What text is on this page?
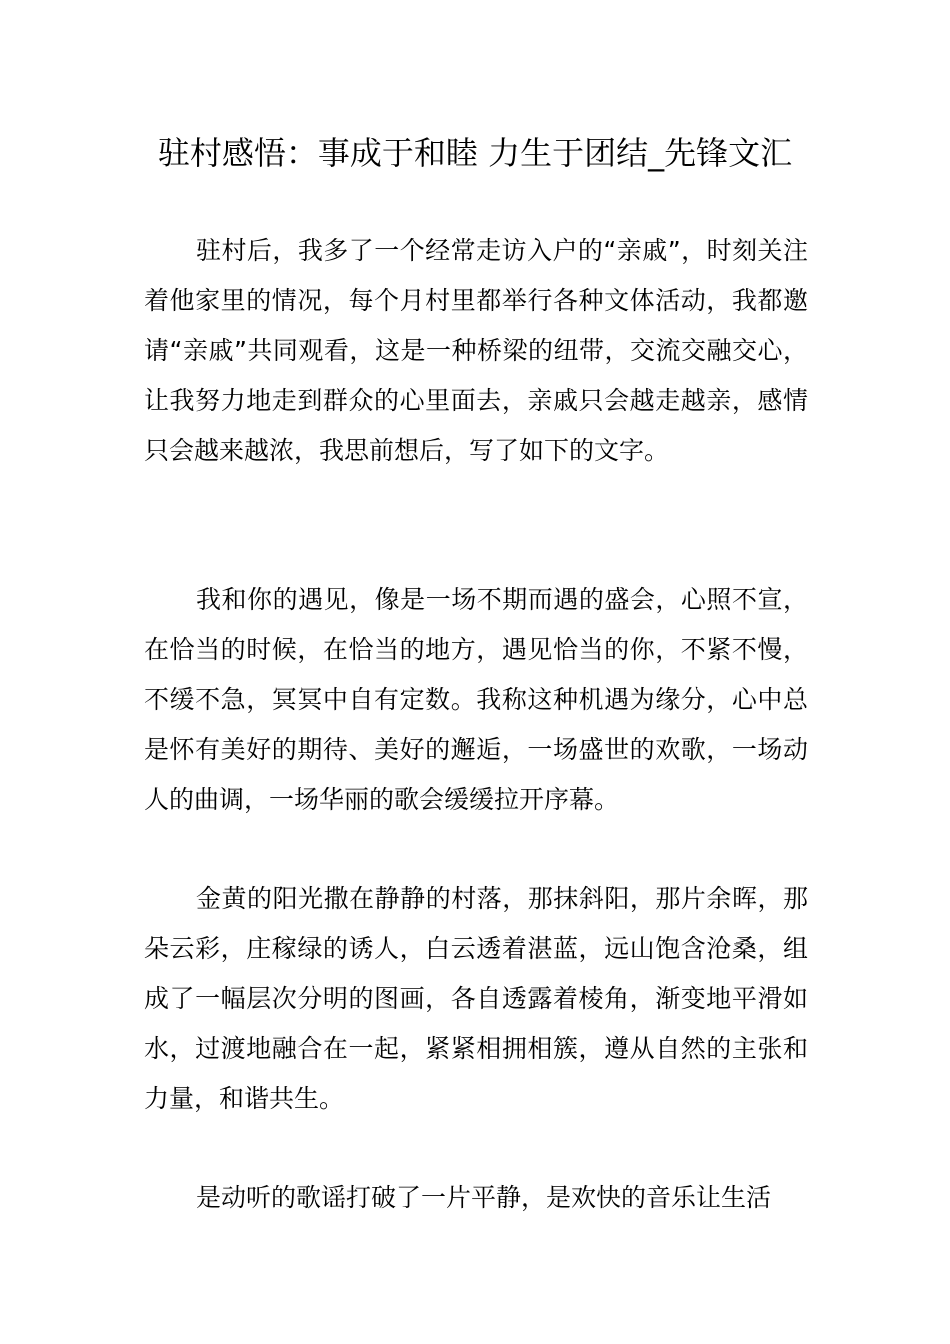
驻村感悟：事成于和睦 力生于团结_先锋文汇

驻村后，我多了一个经常走访入户的“亲戚”，时刻关注着他家里的情况，每个月村里都举行各种文体活动，我都邀请“亲戚”共同观看，这是一种桥梁的纽带，交流交融交心，让我努力地走到群众的心里面去，亲戚只会越走越亲，感情只会越来越浓，我思前想后，写了如下的文字。

我和你的遇见，像是一场不期而遇的盛会，心照不宣，在恰当的时候，在恰当的地方，遇见恰当的你，不紧不慢，不缓不急，冥冥中自有定数。我称这种机遇为缘分，心中总是怀有美好的期待、美好的邂逅，一场盛世的欢歌，一场动人的曲调，一场华丽的歌会缓缓拉开序幕。

金黄的阳光撒在静静的村落，那抹斜阳，那片余晖，那朵云彩，庄稼绿的诱人，白云透着湛蓝，远山饱含沧桑，组成了一幅层次分明的图画，各自透露着棱角，渐变地平滑如水，过渡地融合在一起，紧紧相拥相簇，遵从自然的主张和力量，和谐共生。

是动听的歌谣打破了一片平静，是欢快的音乐让生活
